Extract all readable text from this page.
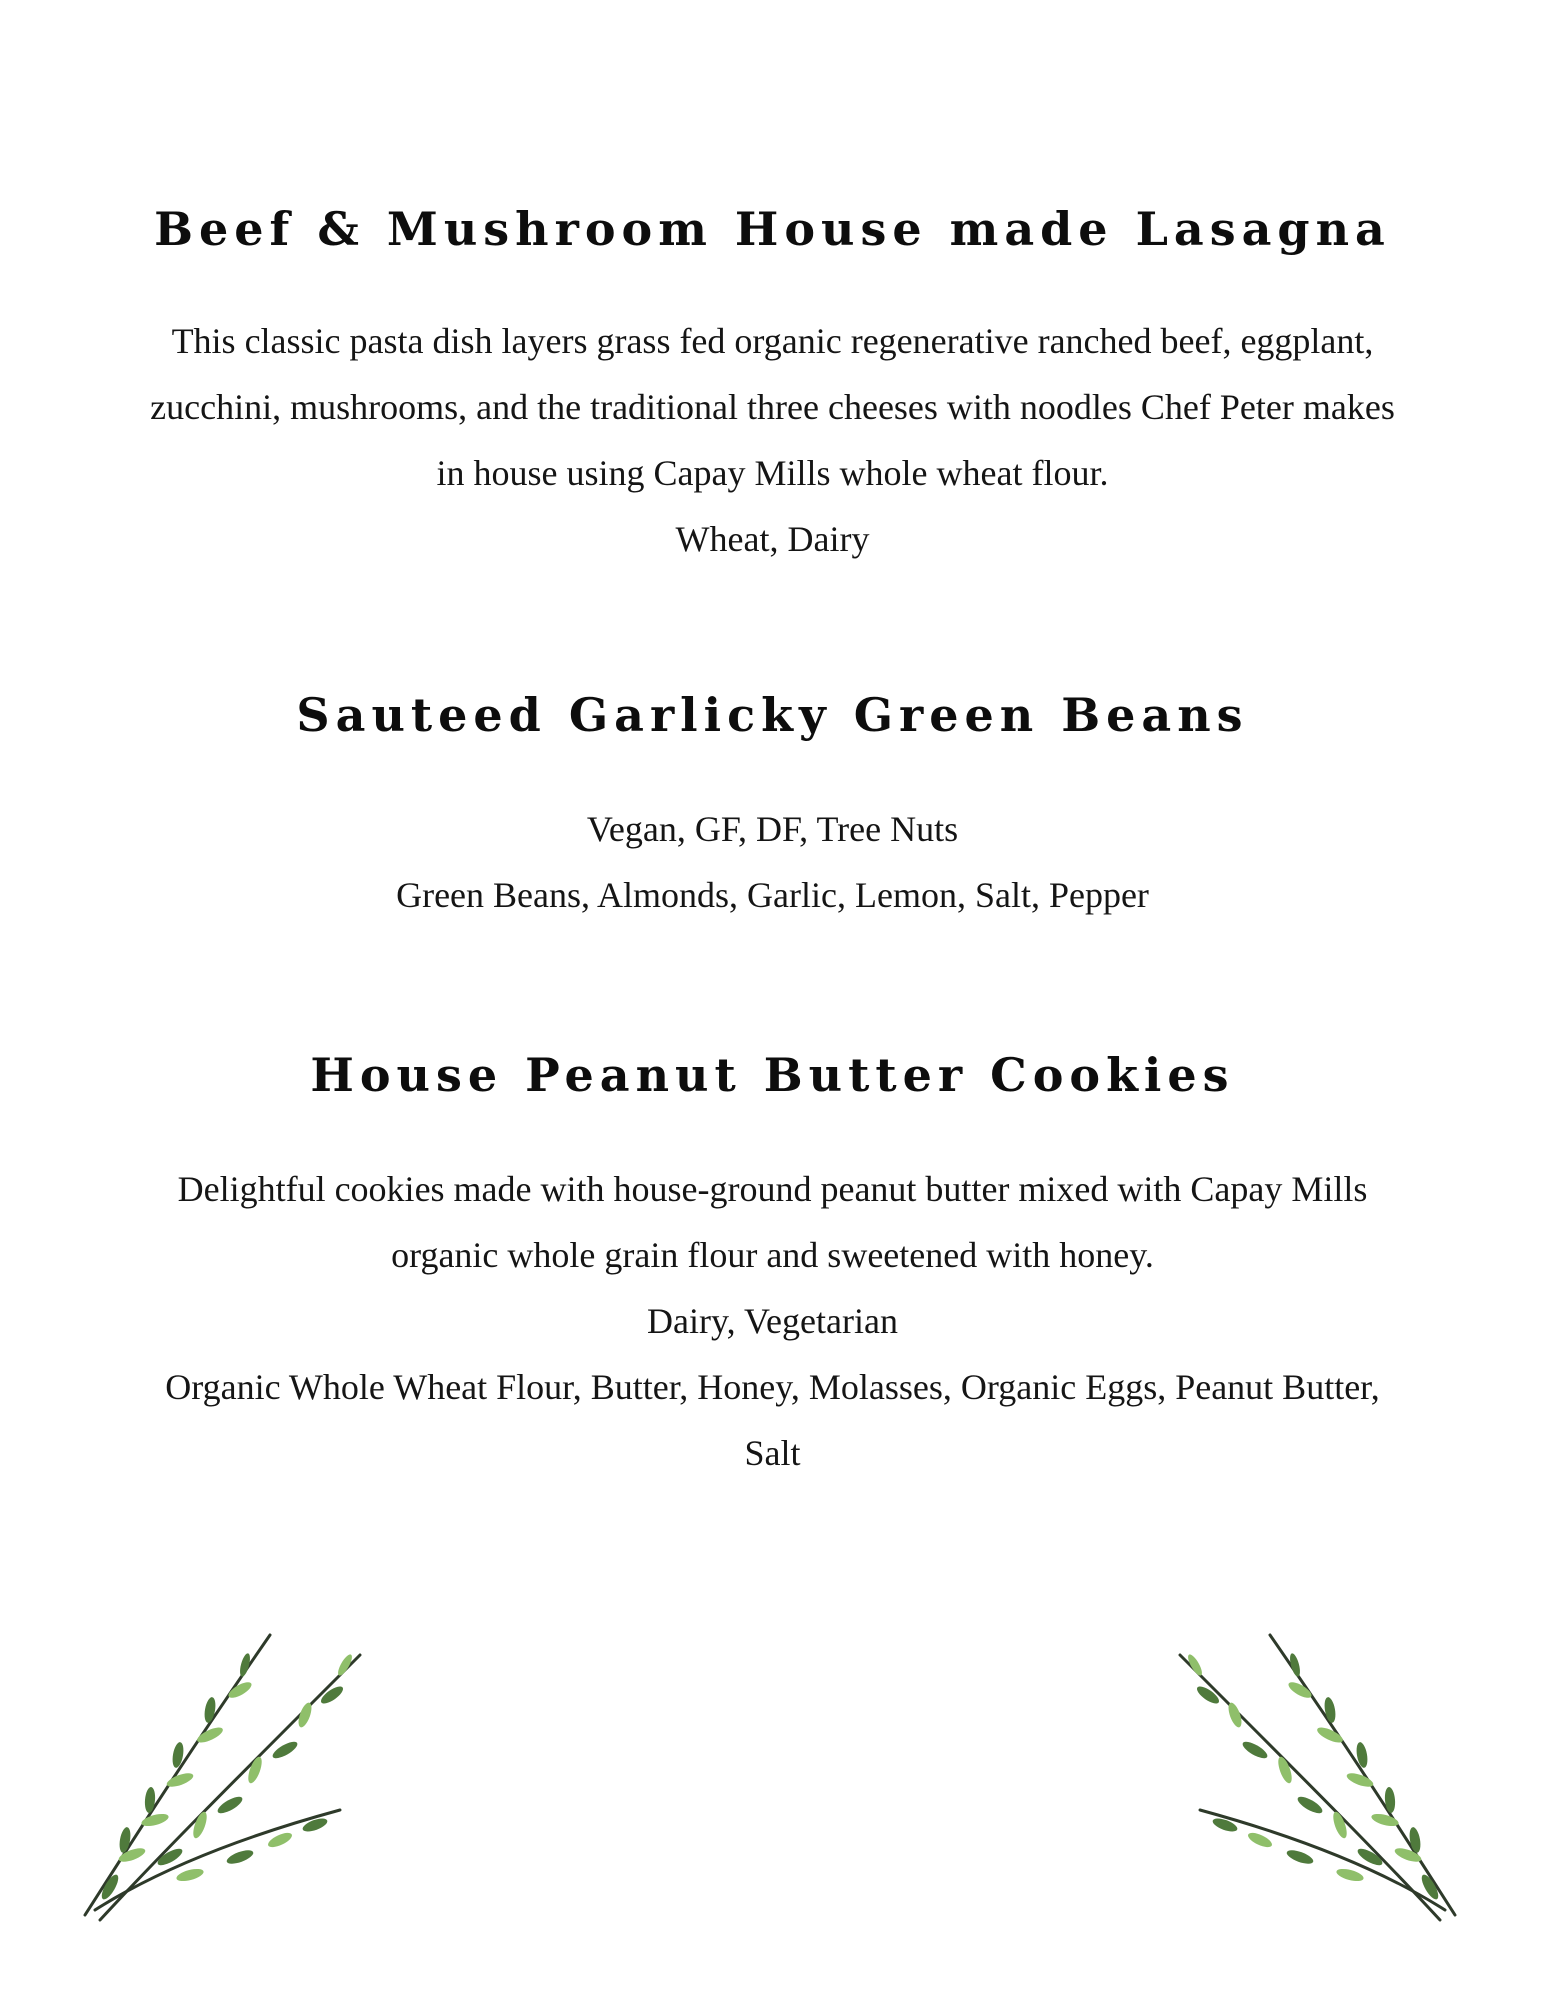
Beef & Mushroom House made Lasagna

This classic pasta dish layers grass fed organic regenerative ranched beef, eggplant,

zucchini, mushrooms, and the traditional three cheeses with noodles Chef Peter makes

in house using Capay Mills whole wheat flour.

Wheat, Dairy

Sauteed Garlicky Green Beans

Vegan, GF, DF, Tree Nuts

Green Beans, Almonds, Garlic, Lemon, Salt, Pepper

House Peanut Butter Cookies

Delightful cookies made with house-ground peanut butter mixed with Capay Mills

organic whole grain flour and sweetened with honey.

Dairy, Vegetarian

Organic Whole Wheat Flour, Butter, Honey, Molasses, Organic Eggs, Peanut Butter,

Salt
